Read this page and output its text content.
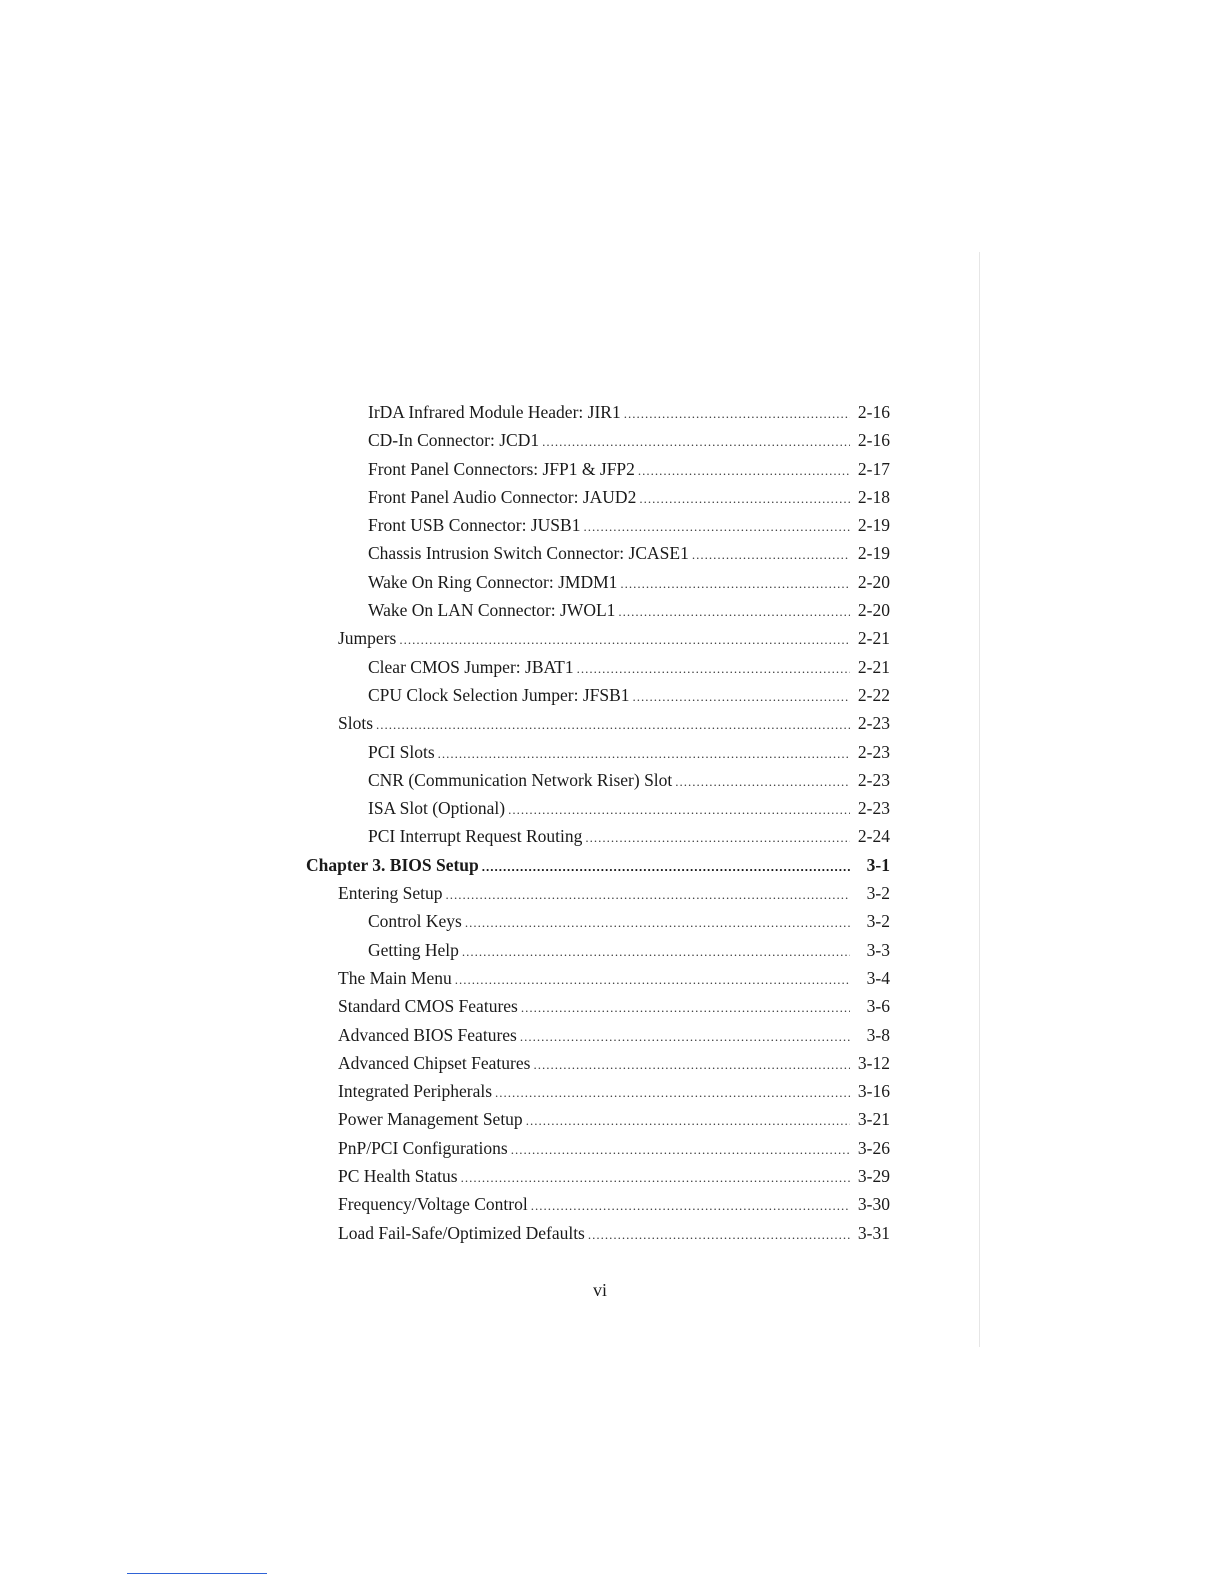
IrDA Infrared Module Header: JIR1 .....	2-16
CD-In Connector: JCD1 .....	2-16
Front Panel Connectors: JFP1 & JFP2 .....	2-17
Front Panel Audio Connector: JAUD2 .....	2-18
Front USB Connector: JUSB1 .....	2-19
Chassis Intrusion Switch Connector: JCASE1 .....	2-19
Wake On Ring Connector: JMDM1 .....	2-20
Wake On LAN Connector: JWOL1 .....	2-20
Jumpers .....	2-21
Clear CMOS Jumper: JBAT1 .....	2-21
CPU Clock Selection Jumper: JFSB1 .....	2-22
Slots .....	2-23
PCI Slots .....	2-23
CNR (Communication Network Riser) Slot .....	2-23
ISA Slot (Optional) .....	2-23
PCI Interrupt Request Routing .....	2-24
Chapter 3. BIOS Setup .....	3-1
Entering Setup .....	3-2
Control Keys .....	3-2
Getting Help .....	3-3
The Main Menu .....	3-4
Standard CMOS Features .....	3-6
Advanced BIOS Features .....	3-8
Advanced Chipset Features .....	3-12
Integrated Peripherals .....	3-16
Power Management Setup .....	3-21
PnP/PCI Configurations .....	3-26
PC Health Status .....	3-29
Frequency/Voltage Control .....	3-30
Load Fail-Safe/Optimized Defaults .....	3-31
vi
